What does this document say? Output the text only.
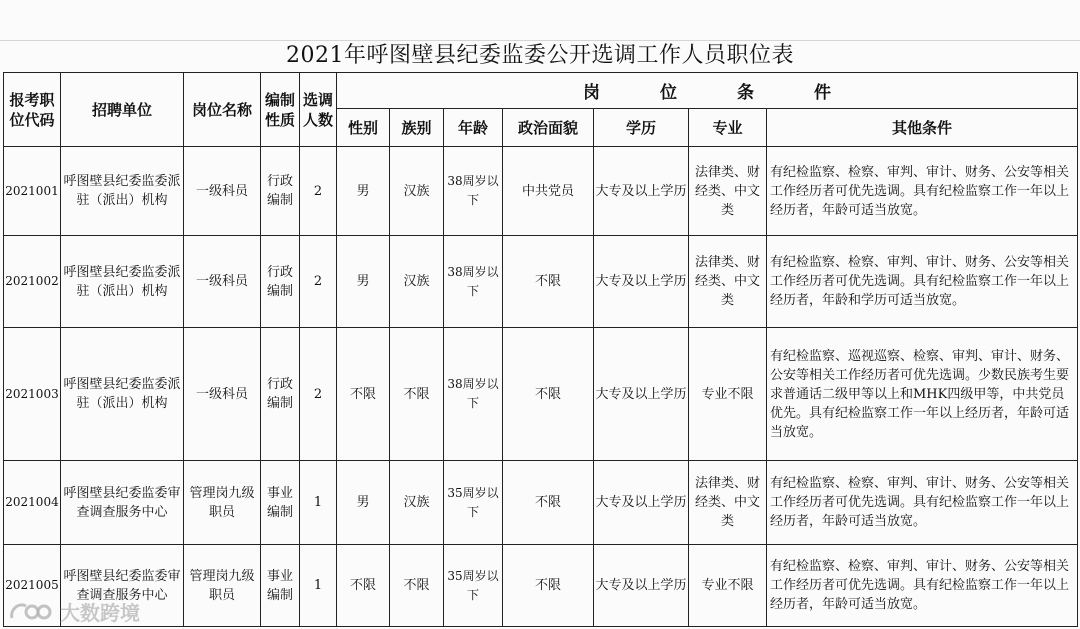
2021年呼图壁县纪委监委公开选调工作人员职位表
报考职位代码	招聘单位	岗位名称	编制性质	选调人数	岗位条件						
					性别	族别	年龄	政治面貌	学历	专业	其他条件
2021001	呼图壁县纪委监委派驻（派出）机构	一级科员	行政编制	2	男	汉族	38周岁以下	中共党员	大专及以上学历	法律类、财经类、中文类	有纪检监察、检察、审判、审计、财务、公安等相关工作经历者可优先选调。具有纪检监察工作一年以上经历者，年龄可适当放宽。
2021002	呼图壁县纪委监委派驻（派出）机构	一级科员	行政编制	2	男	汉族	38周岁以下	不限	大专及以上学历	法律类、财经类、中文类	有纪检监察、检察、审判、审计、财务、公安等相关工作经历者可优先选调。具有纪检监察工作一年以上经历者，年龄和学历可适当放宽。
2021003	呼图壁县纪委监委派驻（派出）机构	一级科员	行政编制	2	不限	不限	38周岁以下	不限	大专及以上学历	专业不限	有纪检监察、巡视巡察、检察、审判、审计、财务、公安等相关工作经历者可优先选调。少数民族考生要求普通话二级甲等以上和MHK四级甲等，中共党员优先。具有纪检监察工作一年以上经历者，年龄可适当放宽。
2021004	呼图壁县纪委监委审查调查服务中心	管理岗九级职员	事业编制	1	男	汉族	35周岁以下	不限	大专及以上学历	法律类、财经类、中文类	有纪检监察、检察、审判、审计、财务、公安等相关工作经历者可优先选调。具有纪检监察工作一年以上经历者，年龄可适当放宽。
2021005	呼图壁县纪委监委审查调查服务中心	管理岗九级职员	事业编制	1	不限	不限	35周岁以下	不限	大专及以上学历	专业不限	有纪检监察、检察、审判、审计、财务、公安等相关工作经历者可优先选调。具有纪检监察工作一年以上经历者，年龄可适当放宽。
大数跨境
